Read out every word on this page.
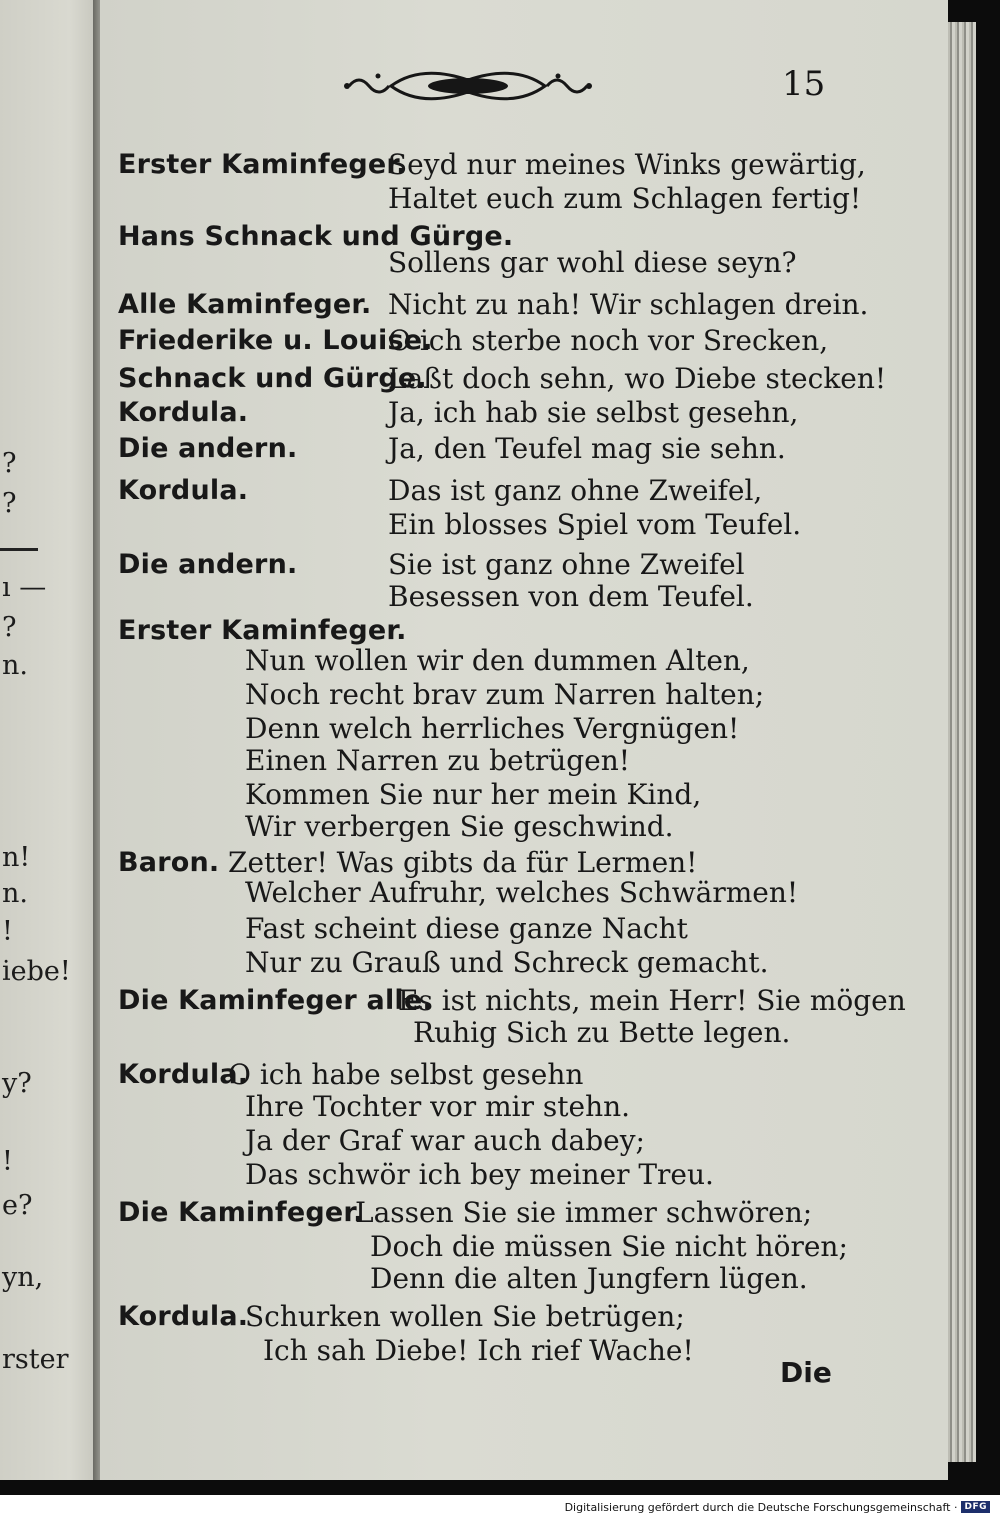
?
?
ı —
?
n.
n!
n.
!
iebe!
y?
!
e?
yn,
rster
15
Erster Kaminfeger.
Seyd nur meines Winks gewärtig,
Haltet euch zum Schlagen fertig!
Hans Schnack und Gürge.
Sollens gar wohl diese seyn?
Alle Kaminfeger. Nicht zu nah! Wir schlagen drein.
Friederike u. Louise.
O ich sterbe noch vor Srecken,
Schnack und Gürge.
Laßt doch sehn, wo Diebe stecken!
Kordula.	Ja, ich hab sie selbst gesehn,
Die andern.	Ja, den Teufel mag sie sehn.
Kordula.	Das ist ganz ohne Zweifel,
Ein blosses Spiel vom Teufel.
Die andern.	Sie ist ganz ohne Zweifel
Besessen von dem Teufel.
Erster Kaminfeger.
Nun wollen wir den dummen Alten,
Noch recht brav zum Narren halten;
Denn welch herrliches Vergnügen!
Einen Narren zu betrügen!
Kommen Sie nur her mein Kind,
Wir verbergen Sie geschwind.
Baron. Zetter! Was gibts da für Lermen!
Welcher Aufruhr, welches Schwärmen!
Fast scheint diese ganze Nacht
Nur zu Grauß und Schreck gemacht.
Die Kaminfeger alle.
Es ist nichts, mein Herr! Sie mögen
Ruhig Sich zu Bette legen.
Kordula.
O ich habe selbst gesehn
Ihre Tochter vor mir stehn.
Ja der Graf war auch dabey;
Das schwör ich bey meiner Treu.
Die Kaminfeger.
Lassen Sie sie immer schwören;
Doch die müssen Sie nicht hören;
Denn die alten Jungfern lügen.
Kordula.
Schurken wollen Sie betrügen;
Ich sah Diebe! Ich rief Wache!
Die
Digitalisierung gefördert durch die Deutsche Forschungsgemeinschaft · DFG
